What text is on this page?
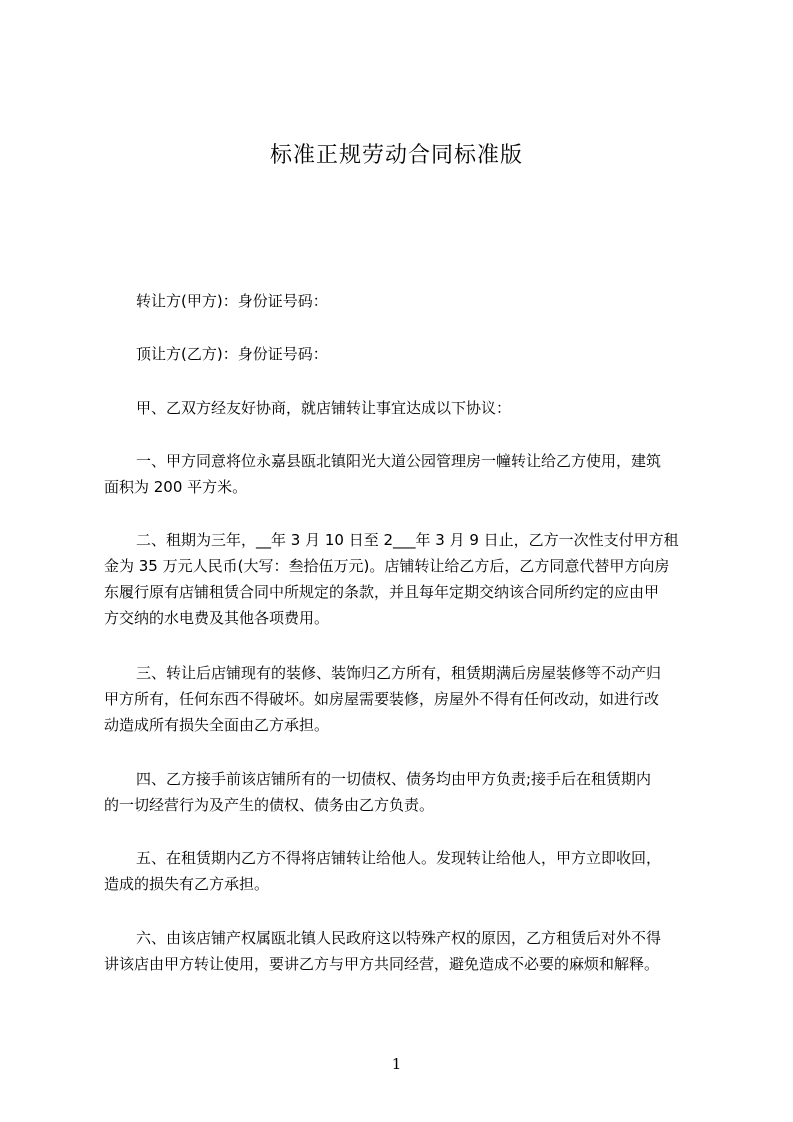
标准正规劳动合同标准版
转让方(甲方)：身份证号码：
顶让方(乙方)：身份证号码：
甲、乙双方经友好协商，就店铺转让事宜达成以下协议：
一、甲方同意将位永嘉县瓯北镇阳光大道公园管理房一幢转让给乙方使用，建筑
面积为 200 平方米。
二、租期为三年，__年 3 月 10 日至 2___年 3 月 9 日止，乙方一次性支付甲方租
金为 35 万元人民币(大写：叁拾伍万元)。店铺转让给乙方后，乙方同意代替甲方向房
东履行原有店铺租赁合同中所规定的条款，并且每年定期交纳该合同所约定的应由甲
方交纳的水电费及其他各项费用。
三、转让后店铺现有的装修、装饰归乙方所有，租赁期满后房屋装修等不动产归
甲方所有，任何东西不得破坏。如房屋需要装修，房屋外不得有任何改动，如进行改
动造成所有损失全面由乙方承担。
四、乙方接手前该店铺所有的一切债权、债务均由甲方负责;接手后在租赁期内
的一切经营行为及产生的债权、债务由乙方负责。
五、在租赁期内乙方不得将店铺转让给他人。发现转让给他人，甲方立即收回，
造成的损失有乙方承担。
六、由该店铺产权属瓯北镇人民政府这以特殊产权的原因，乙方租赁后对外不得
讲该店由甲方转让使用，要讲乙方与甲方共同经营，避免造成不必要的麻烦和解释。
1
